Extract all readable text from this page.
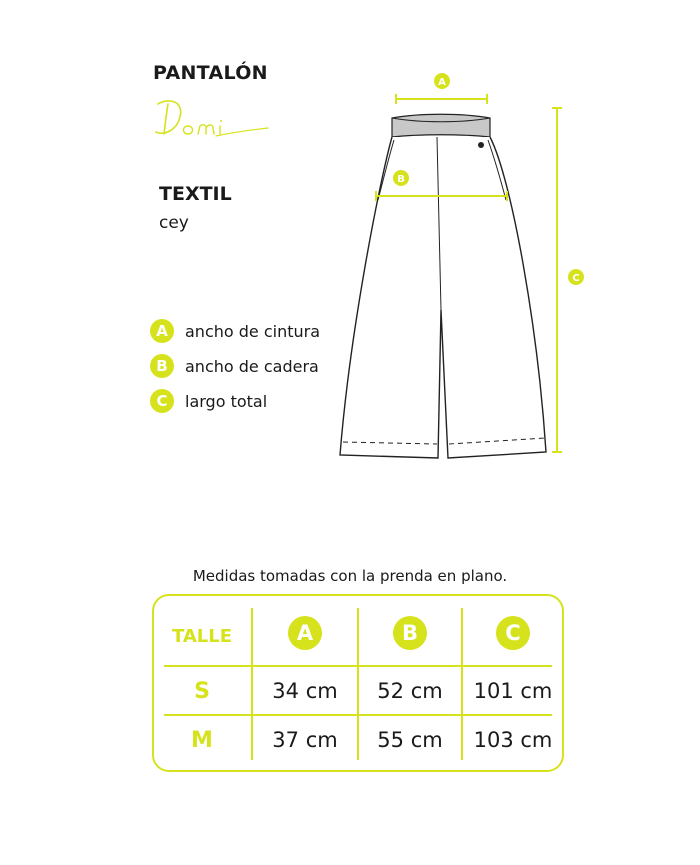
PANTALÓN
TEXTIL
cey
A	ancho de cintura
B	ancho de cadera
C	largo total
A
B
C
Medidas tomadas con la prenda en plano.
TALLE	A	B	C
S	34 cm	52 cm	101 cm
M	37 cm	55 cm	103 cm
